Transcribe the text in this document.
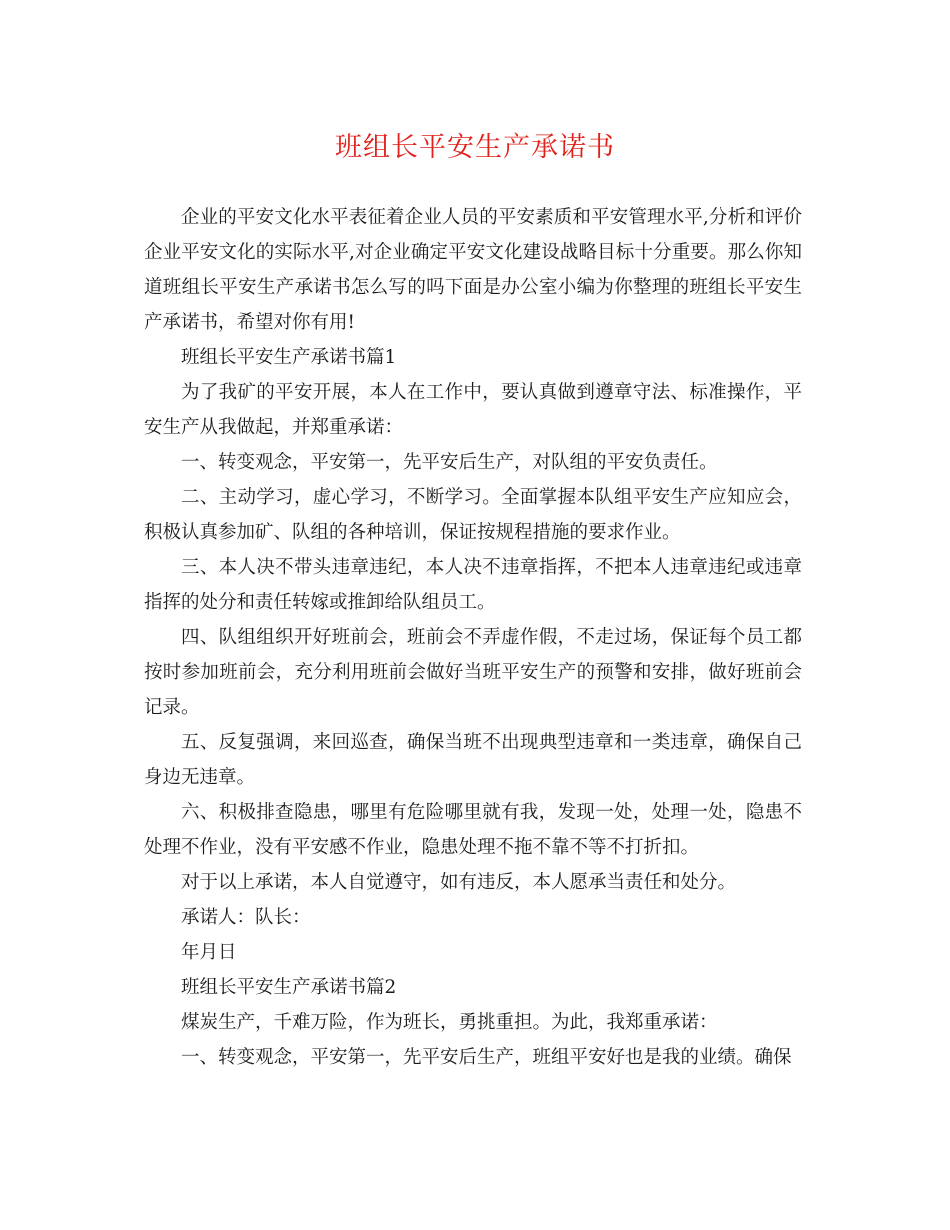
班组长平安生产承诺书

企业的平安文化水平表征着企业人员的平安素质和平安管理水平,分析和评价企业平安文化的实际水平,对企业确定平安文化建设战略目标十分重要。那么你知道班组长平安生产承诺书怎么写的吗下面是办公室小编为你整理的班组长平安生产承诺书，希望对你有用!

班组长平安生产承诺书篇1

为了我矿的平安开展，本人在工作中，要认真做到遵章守法、标准操作，平安生产从我做起，并郑重承诺：

一、转变观念，平安第一，先平安后生产，对队组的平安负责任。

二、主动学习，虚心学习，不断学习。全面掌握本队组平安生产应知应会，积极认真参加矿、队组的各种培训，保证按规程措施的要求作业。

三、本人决不带头违章违纪，本人决不违章指挥，不把本人违章违纪或违章指挥的处分和责任转嫁或推卸给队组员工。

四、队组组织开好班前会，班前会不弄虚作假，不走过场，保证每个员工都按时参加班前会，充分利用班前会做好当班平安生产的预警和安排，做好班前会记录。

五、反复强调，来回巡查，确保当班不出现典型违章和一类违章，确保自己身边无违章。

六、积极排查隐患，哪里有危险哪里就有我，发现一处，处理一处，隐患不处理不作业，没有平安感不作业，隐患处理不拖不靠不等不打折扣。

对于以上承诺，本人自觉遵守，如有违反，本人愿承当责任和处分。

承诺人：队长：

年月日

班组长平安生产承诺书篇2

煤炭生产，千难万险，作为班长，勇挑重担。为此，我郑重承诺：

一、转变观念，平安第一，先平安后生产，班组平安好也是我的业绩。确保
